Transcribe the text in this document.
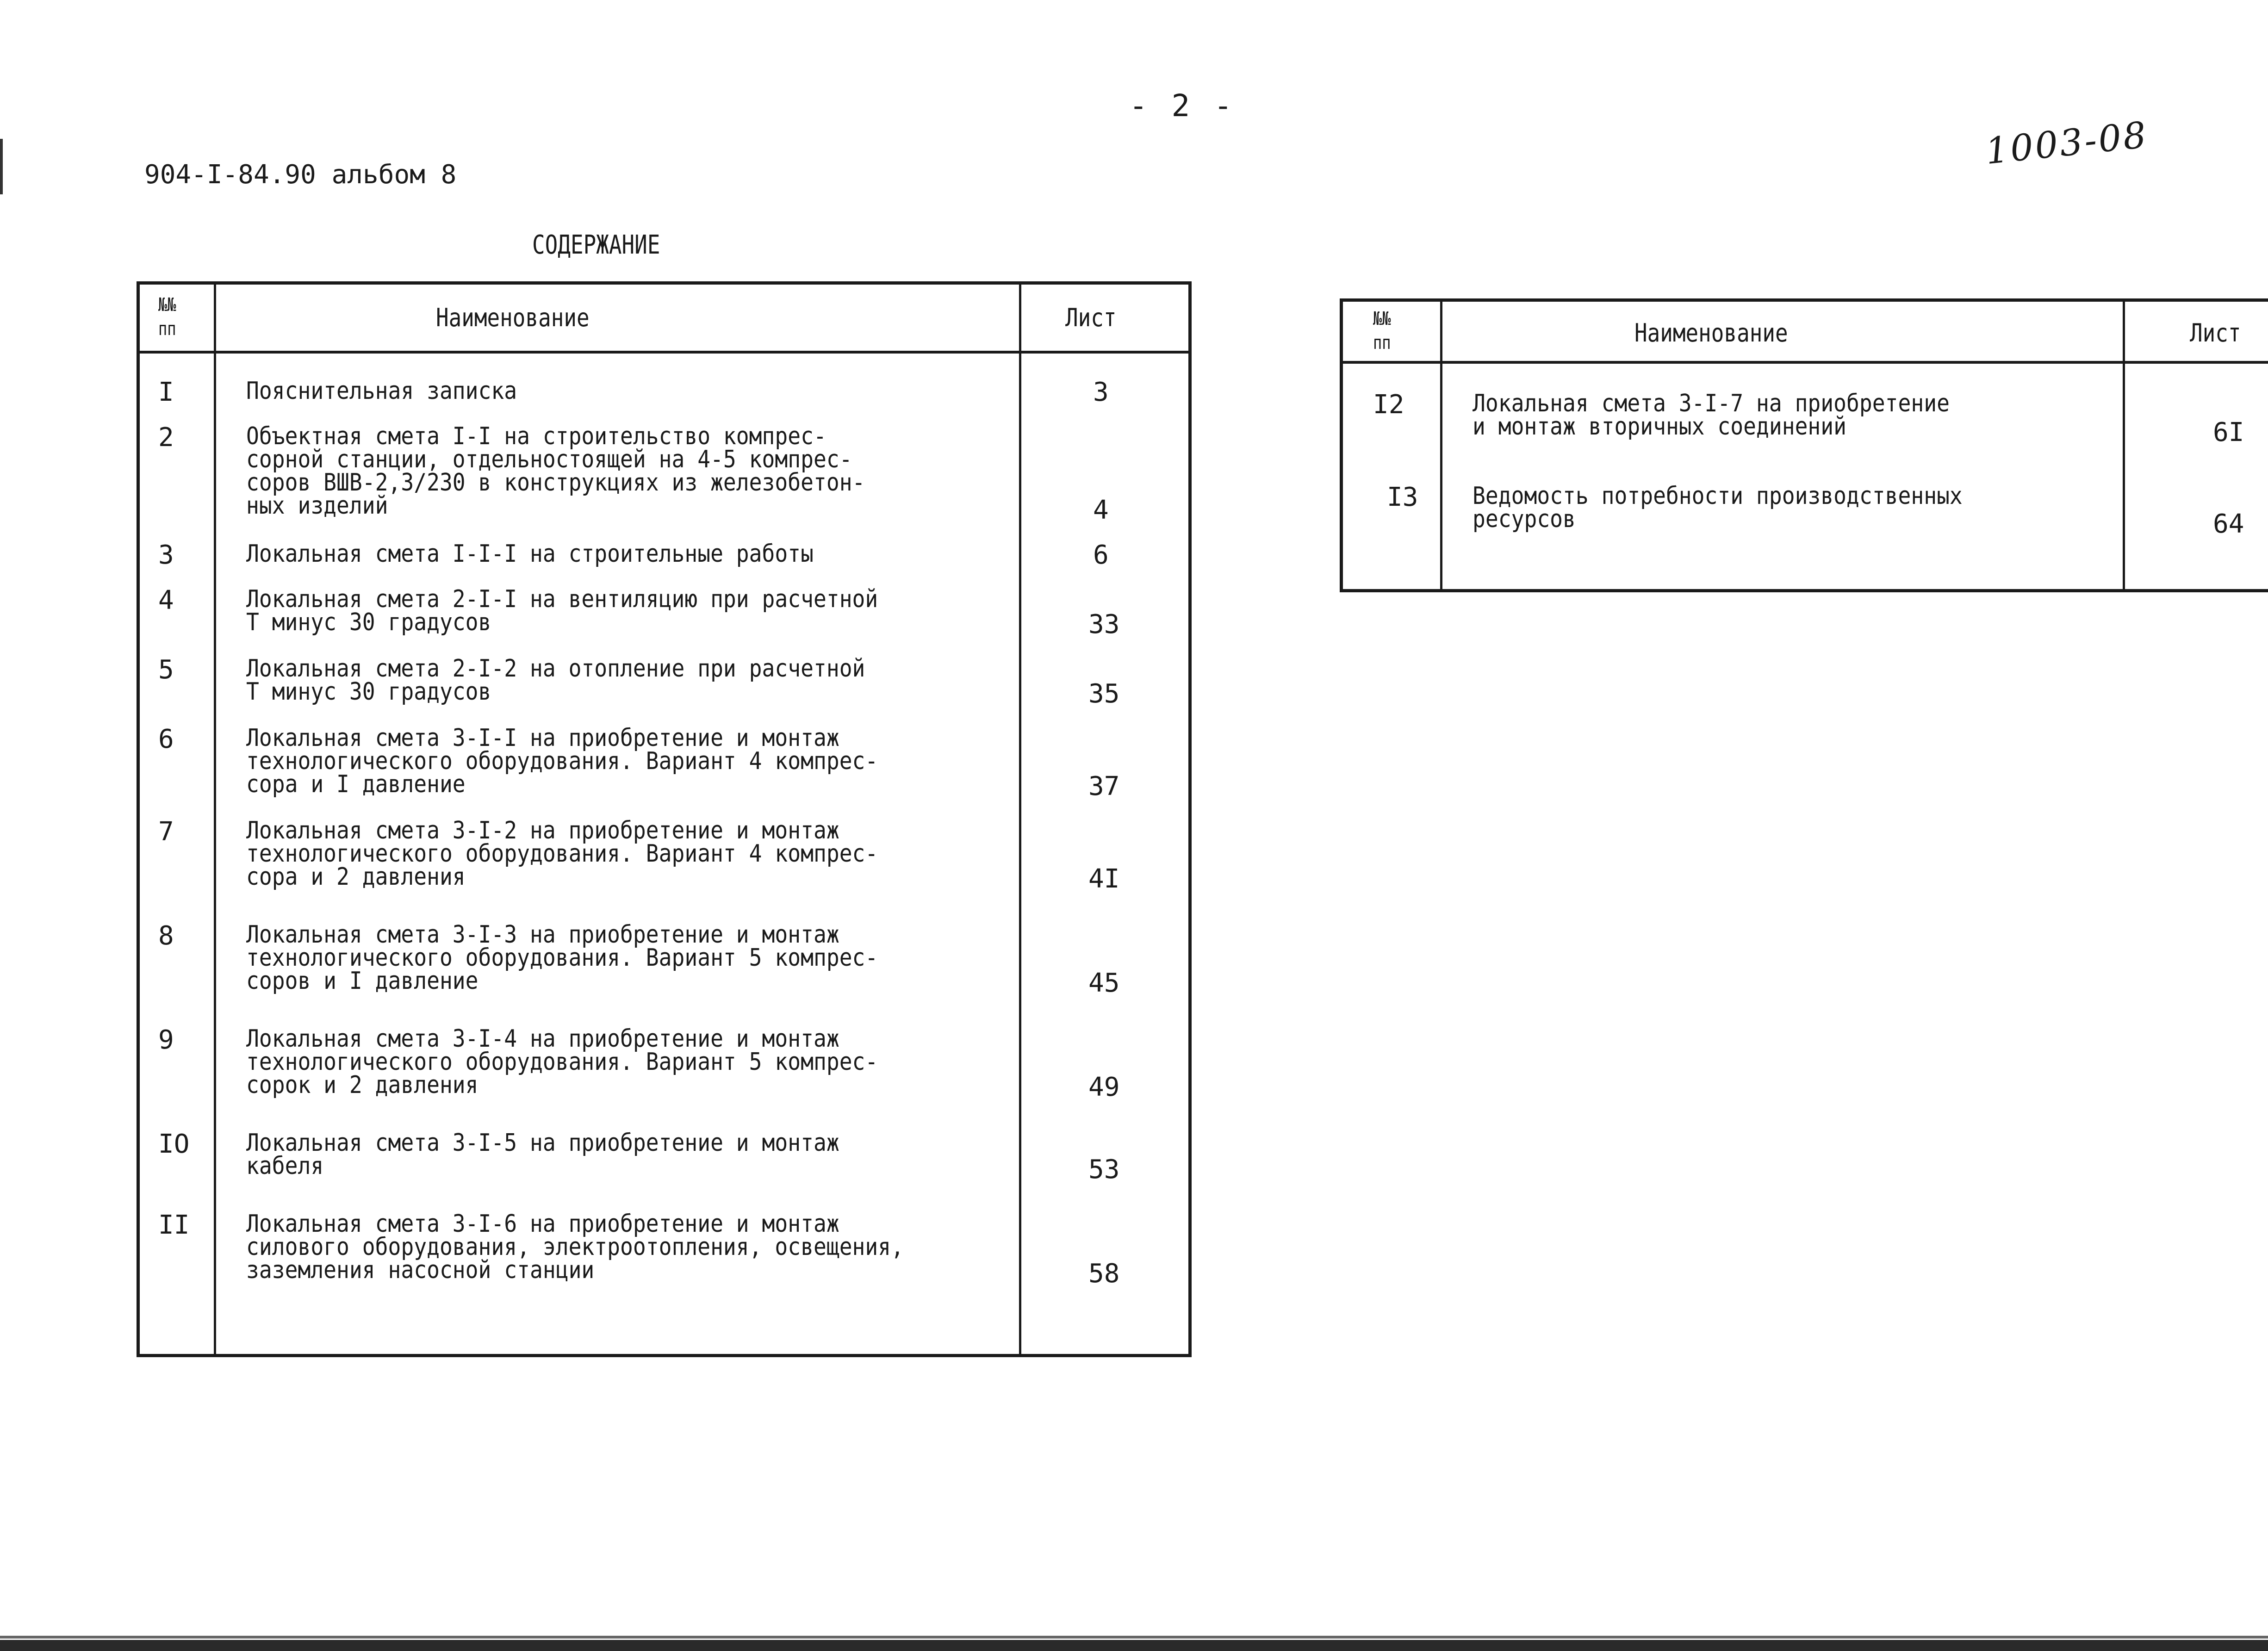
- 2 -
1003-08
904-I-84.90 альбом 8
СОДЕРЖАНИЕ
№№
пп	Наименование	Лист
I	Пояснительная записка	3
2	Объектная смета I-I на строительство компрес-
сорной станции, отдельностоящей на 4-5 компрес-
соров ВШВ-2,3/230 в конструкциях из железобетон-
ных изделий	4
3	Локальная смета I-I-I на строительные работы	6
4	Локальная смета 2-I-I на вентиляцию при расчетной
Т минус 30 градусов	33
5	Локальная смета 2-I-2 на отопление при расчетной
Т минус 30 градусов	35
6	Локальная смета 3-I-I на приобретение и монтаж
технологического оборудования. Вариант 4 компрес-
сора и I давление	37
7	Локальная смета 3-I-2 на приобретение и монтаж
технологического оборудования. Вариант 4 компрес-
сора и 2 давления	4I
8	Локальная смета 3-I-3 на приобретение и монтаж
технологического оборудования. Вариант 5 компрес-
соров и I давление	45
9	Локальная смета 3-I-4 на приобретение и монтаж
технологического оборудования. Вариант 5 компрес-
сорок и 2 давления	49
IO Локальная смета 3-I-5 на приобретение и монтаж
кабеля	53
II Локальная смета 3-I-6 на приобретение и монтаж
силового оборудования, электроотопления, освещения,
заземления насосной станции	58
№№
пп	Наименование	Лист
I2	Локальная смета 3-I-7 на приобретение
и монтаж вторичных соединений	6I
I3 Ведомость потребности производственных
ресурсов	64
